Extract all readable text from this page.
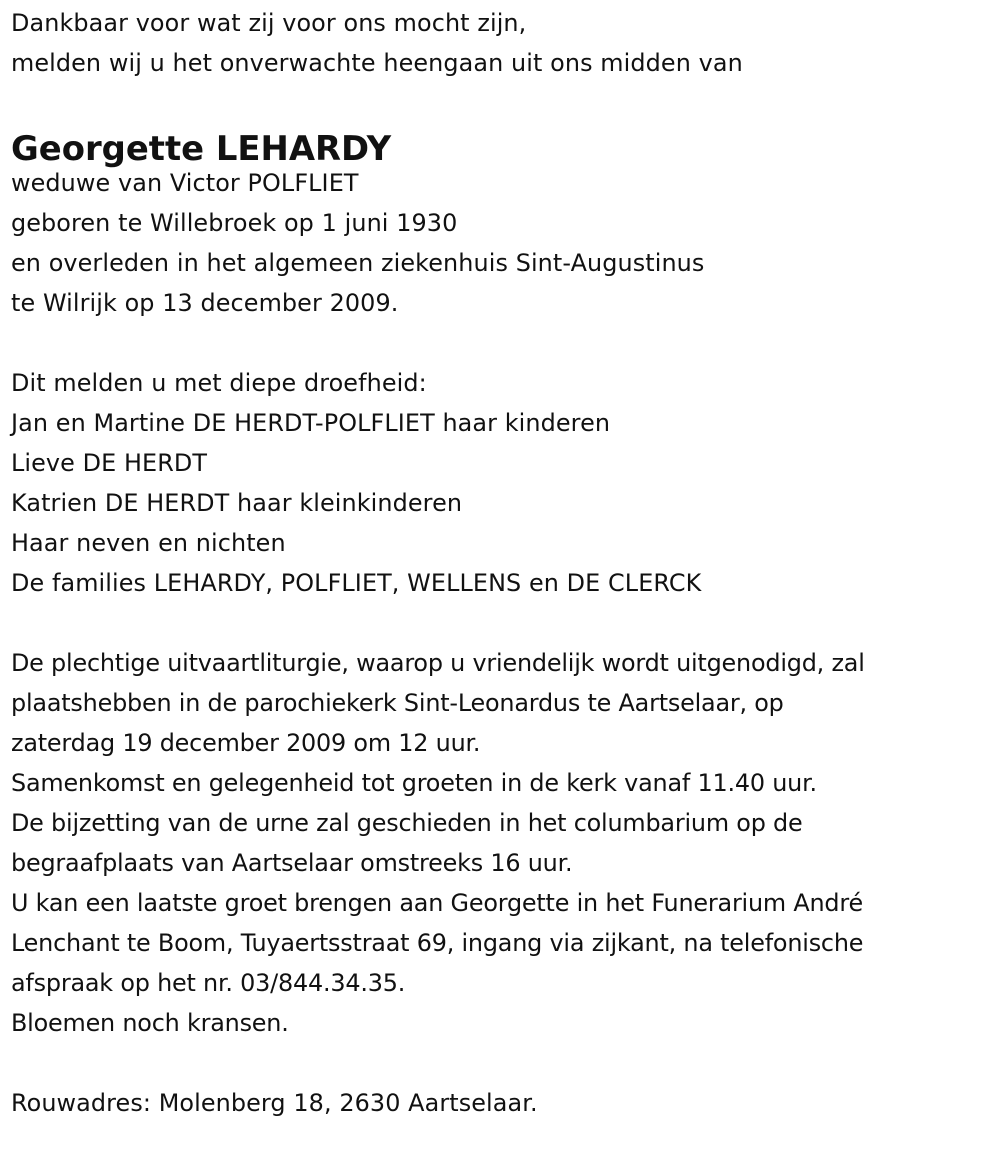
Dankbaar voor wat zij voor ons mocht zijn,
melden wij u het onverwachte heengaan uit ons midden van
Georgette LEHARDY
weduwe van Victor POLFLIET
geboren te Willebroek op 1 juni 1930
en overleden in het algemeen ziekenhuis Sint-Augustinus
te Wilrijk op 13 december 2009.
Dit melden u met diepe droefheid:
Jan en Martine DE HERDT-POLFLIET haar kinderen
Lieve DE HERDT
Katrien DE HERDT haar kleinkinderen
Haar neven en nichten
De families LEHARDY, POLFLIET, WELLENS en DE CLERCK
De plechtige uitvaartliturgie, waarop u vriendelijk wordt uitgenodigd, zal
plaatshebben in de parochiekerk Sint-Leonardus te Aartselaar, op
zaterdag 19 december 2009 om 12 uur.
Samenkomst en gelegenheid tot groeten in de kerk vanaf 11.40 uur.
De bijzetting van de urne zal geschieden in het columbarium op de
begraafplaats van Aartselaar omstreeks 16 uur.
U kan een laatste groet brengen aan Georgette in het Funerarium André
Lenchant te Boom, Tuyaertsstraat 69, ingang via zijkant, na telefonische
afspraak op het nr. 03/844.34.35.
Bloemen noch kransen.
Rouwadres: Molenberg 18, 2630 Aartselaar.
